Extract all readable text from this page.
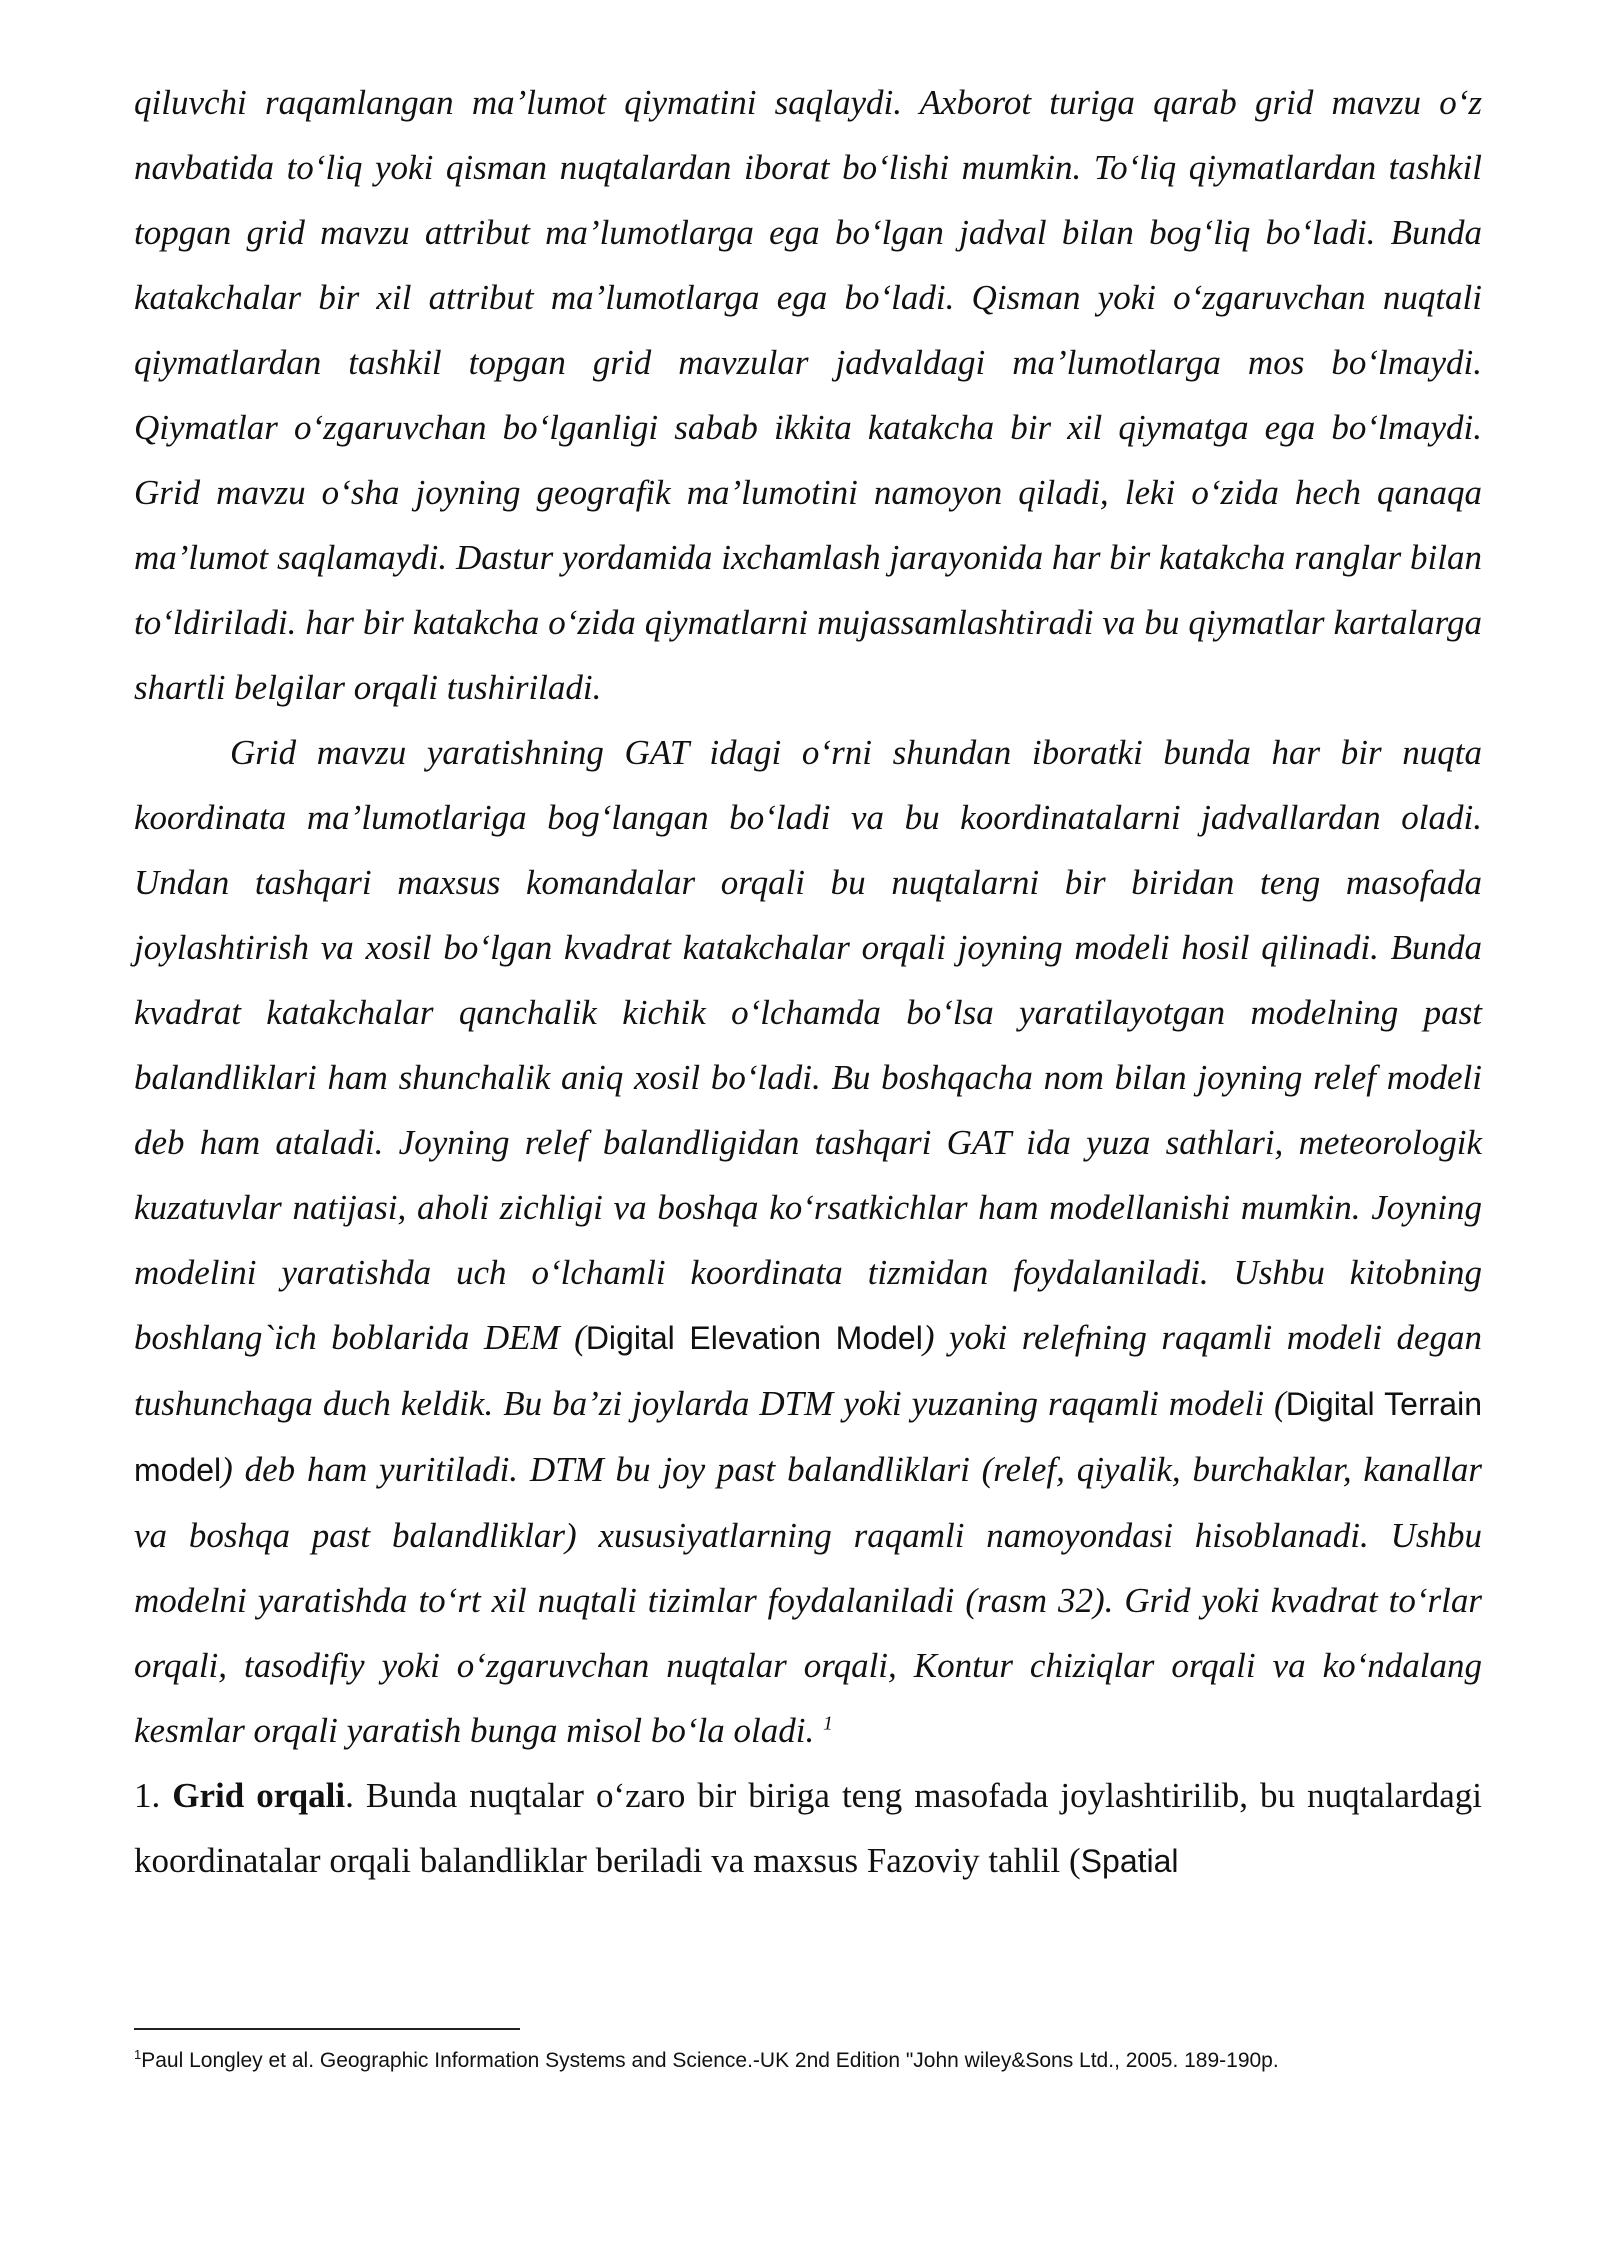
qiluvchi raqamlangan ma’lumot qiymatini saqlaydi. Axborot turiga qarab grid mavzu o‘z navbatida to‘liq yoki qisman nuqtalardan iborat bo‘lishi mumkin. To‘liq qiymatlardan tashkil topgan grid mavzu attribut ma’lumotlarga ega bo‘lgan jadval bilan bog‘liq bo‘ladi. Bunda katakchalar bir xil attribut ma’lumotlarga ega bo‘ladi. Qisman yoki o‘zgaruvchan nuqtali qiymatlardan tashkil topgan grid mavzular jadvaldagi ma’lumotlarga mos bo‘lmaydi. Qiymatlar o‘zgaruvchan bo‘lganligi sabab ikkita katakcha bir xil qiymatga ega bo‘lmaydi. Grid mavzu o‘sha joyning geografik ma’lumotini namoyon qiladi, leki o‘zida hech qanaqa ma’lumot saqlamaydi. Dastur yordamida ixchamlash jarayonida har bir katakcha ranglar bilan to‘ldiriladi. har bir katakcha o‘zida qiymatlarni mujassamlashtiradi va bu qiymatlar kartalarga shartli belgilar orqali tushiriladi.

Grid mavzu yaratishning GAT idagi o‘rni shundan iboratki bunda har bir nuqta koordinata ma’lumotlariga bog‘langan bo‘ladi va bu koordinatalarni jadvallardan oladi. Undan tashqari maxsus komandalar orqali bu nuqtalarni bir biridan teng masofada joylashtirish va xosil bo‘lgan kvadrat katakchalar orqali joyning modeli hosil qilinadi. Bunda kvadrat katakchalar qanchalik kichik o‘lchamda bo‘lsa yaratilayotgan modelning past balandliklari ham shunchalik aniq xosil bo‘ladi. Bu boshqacha nom bilan joyning relef modeli deb ham ataladi. Joyning relef balandligidan tashqari GAT ida yuza sathlari, meteorologik kuzatuvlar natijasi, aholi zichligi va boshqa ko‘rsatkichlar ham modellanishi mumkin. Joyning modelini yaratishda uch o‘lchamli koordinata tizmidan foydalaniladi. Ushbu kitobning boshlang`ich boblarida DEM (Digital Elevation Model) yoki relefning raqamli modeli degan tushunchaga duch keldik. Bu ba’zi joylarda DTM yoki yuzaning raqamli modeli (Digital Terrain model) deb ham yuritiladi. DTM bu joy past balandliklari (relef, qiyalik, burchaklar, kanallar va boshqa past balandliklar) xususiyatlarning raqamli namoyondasi hisoblanadi. Ushbu modelni yaratishda to‘rt xil nuqtali tizimlar foydalaniladi (rasm 32). Grid yoki kvadrat to‘rlar orqali, tasodifiy yoki o‘zgaruvchan nuqtalar orqali, Kontur chiziqlar orqali va ko‘ndalang kesmlar orqali yaratish bunga misol bo‘la oladi. $^1$

1. Grid orqali. Bunda nuqtalar o‘zaro bir biriga teng masofada joylashtirilib, bu nuqtalardagi koordinatalar orqali balandliklar beriladi va maxsus Fazoviy tahlil (Spatial

$^1$Paul Longley et al. Geographic Information Systems and Science.-UK 2nd Edition "John wiley&Sons Ltd., 2005. 189-190p.
